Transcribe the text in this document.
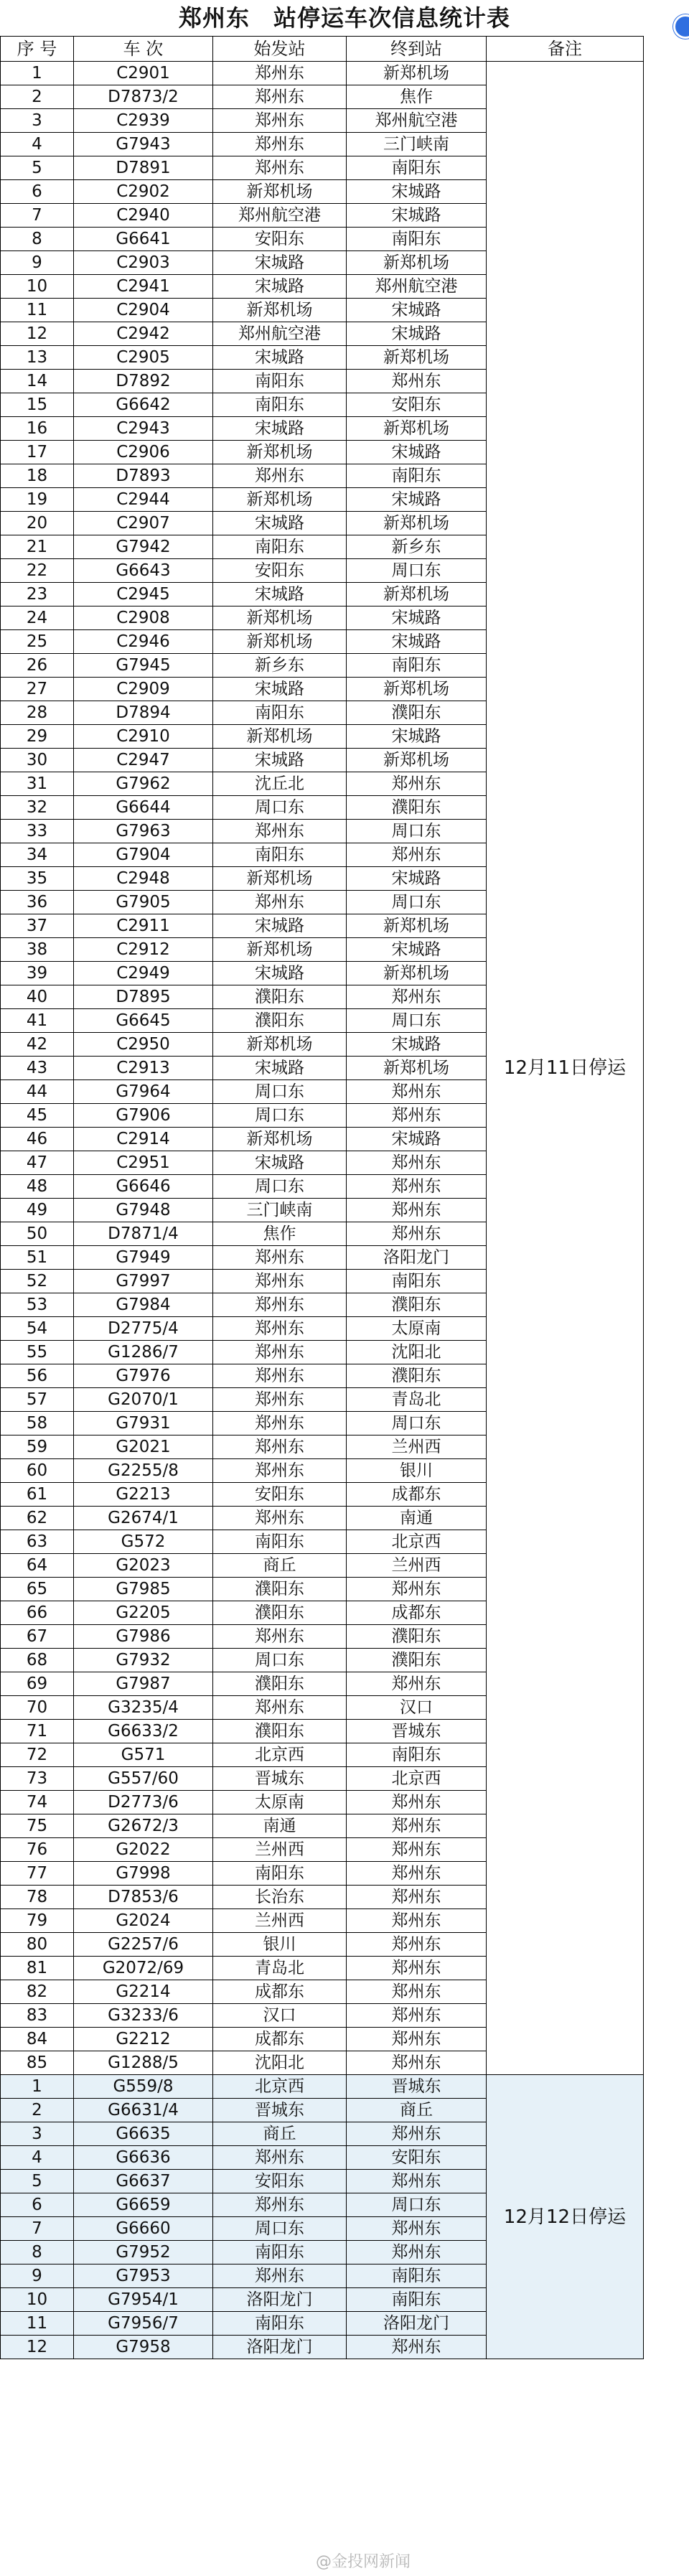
郑州东　站停运车次信息统计表
序 号	车 次	始发站	终到站	备注
1	C2901	郑州东	新郑机场	12月11日停运
2	D7873/2	郑州东	焦作	
3	C2939	郑州东	郑州航空港	
4	G7943	郑州东	三门峡南	
5	D7891	郑州东	南阳东	
6	C2902	新郑机场	宋城路	
7	C2940	郑州航空港	宋城路	
8	G6641	安阳东	南阳东	
9	C2903	宋城路	新郑机场	
10	C2941	宋城路	郑州航空港	
11	C2904	新郑机场	宋城路	
12	C2942	郑州航空港	宋城路	
13	C2905	宋城路	新郑机场	
14	D7892	南阳东	郑州东	
15	G6642	南阳东	安阳东	
16	C2943	宋城路	新郑机场	
17	C2906	新郑机场	宋城路	
18	D7893	郑州东	南阳东	
19	C2944	新郑机场	宋城路	
20	C2907	宋城路	新郑机场	
21	G7942	南阳东	新乡东	
22	G6643	安阳东	周口东	
23	C2945	宋城路	新郑机场	
24	C2908	新郑机场	宋城路	
25	C2946	新郑机场	宋城路	
26	G7945	新乡东	南阳东	
27	C2909	宋城路	新郑机场	
28	D7894	南阳东	濮阳东	
29	C2910	新郑机场	宋城路	
30	C2947	宋城路	新郑机场	
31	G7962	沈丘北	郑州东	
32	G6644	周口东	濮阳东	
33	G7963	郑州东	周口东	
34	G7904	南阳东	郑州东	
35	C2948	新郑机场	宋城路	
36	G7905	郑州东	周口东	
37	C2911	宋城路	新郑机场	
38	C2912	新郑机场	宋城路	
39	C2949	宋城路	新郑机场	
40	D7895	濮阳东	郑州东	
41	G6645	濮阳东	周口东	
42	C2950	新郑机场	宋城路	
43	C2913	宋城路	新郑机场	
44	G7964	周口东	郑州东	
45	G7906	周口东	郑州东	
46	C2914	新郑机场	宋城路	
47	C2951	宋城路	郑州东	
48	G6646	周口东	郑州东	
49	G7948	三门峡南	郑州东	
50	D7871/4	焦作	郑州东	
51	G7949	郑州东	洛阳龙门	
52	G7997	郑州东	南阳东	
53	G7984	郑州东	濮阳东	
54	D2775/4	郑州东	太原南	
55	G1286/7	郑州东	沈阳北	
56	G7976	郑州东	濮阳东	
57	G2070/1	郑州东	青岛北	
58	G7931	郑州东	周口东	
59	G2021	郑州东	兰州西	
60	G2255/8	郑州东	银川	
61	G2213	安阳东	成都东	
62	G2674/1	郑州东	南通	
63	G572	南阳东	北京西	
64	G2023	商丘	兰州西	
65	G7985	濮阳东	郑州东	
66	G2205	濮阳东	成都东	
67	G7986	郑州东	濮阳东	
68	G7932	周口东	濮阳东	
69	G7987	濮阳东	郑州东	
70	G3235/4	郑州东	汉口	
71	G6633/2	濮阳东	晋城东	
72	G571	北京西	南阳东	
73	G557/60	晋城东	北京西	
74	D2773/6	太原南	郑州东	
75	G2672/3	南通	郑州东	
76	G2022	兰州西	郑州东	
77	G7998	南阳东	郑州东	
78	D7853/6	长治东	郑州东	
79	G2024	兰州西	郑州东	
80	G2257/6	银川	郑州东	
81	G2072/69	青岛北	郑州东	
82	G2214	成都东	郑州东	
83	G3233/6	汉口	郑州东	
84	G2212	成都东	郑州东	
85	G1288/5	沈阳北	郑州东	
1	G559/8	北京西	晋城东	12月12日停运
2	G6631/4	晋城东	商丘	
3	G6635	商丘	郑州东	
4	G6636	郑州东	安阳东	
5	G6637	安阳东	郑州东	
6	G6659	郑州东	周口东	
7	G6660	周口东	郑州东	
8	G7952	南阳东	郑州东	
9	G7953	郑州东	南阳东	
10	G7954/1	洛阳龙门	南阳东	
11	G7956/7	南阳东	洛阳龙门	
12	G7958	洛阳龙门	郑州东	
@金投网新闻
